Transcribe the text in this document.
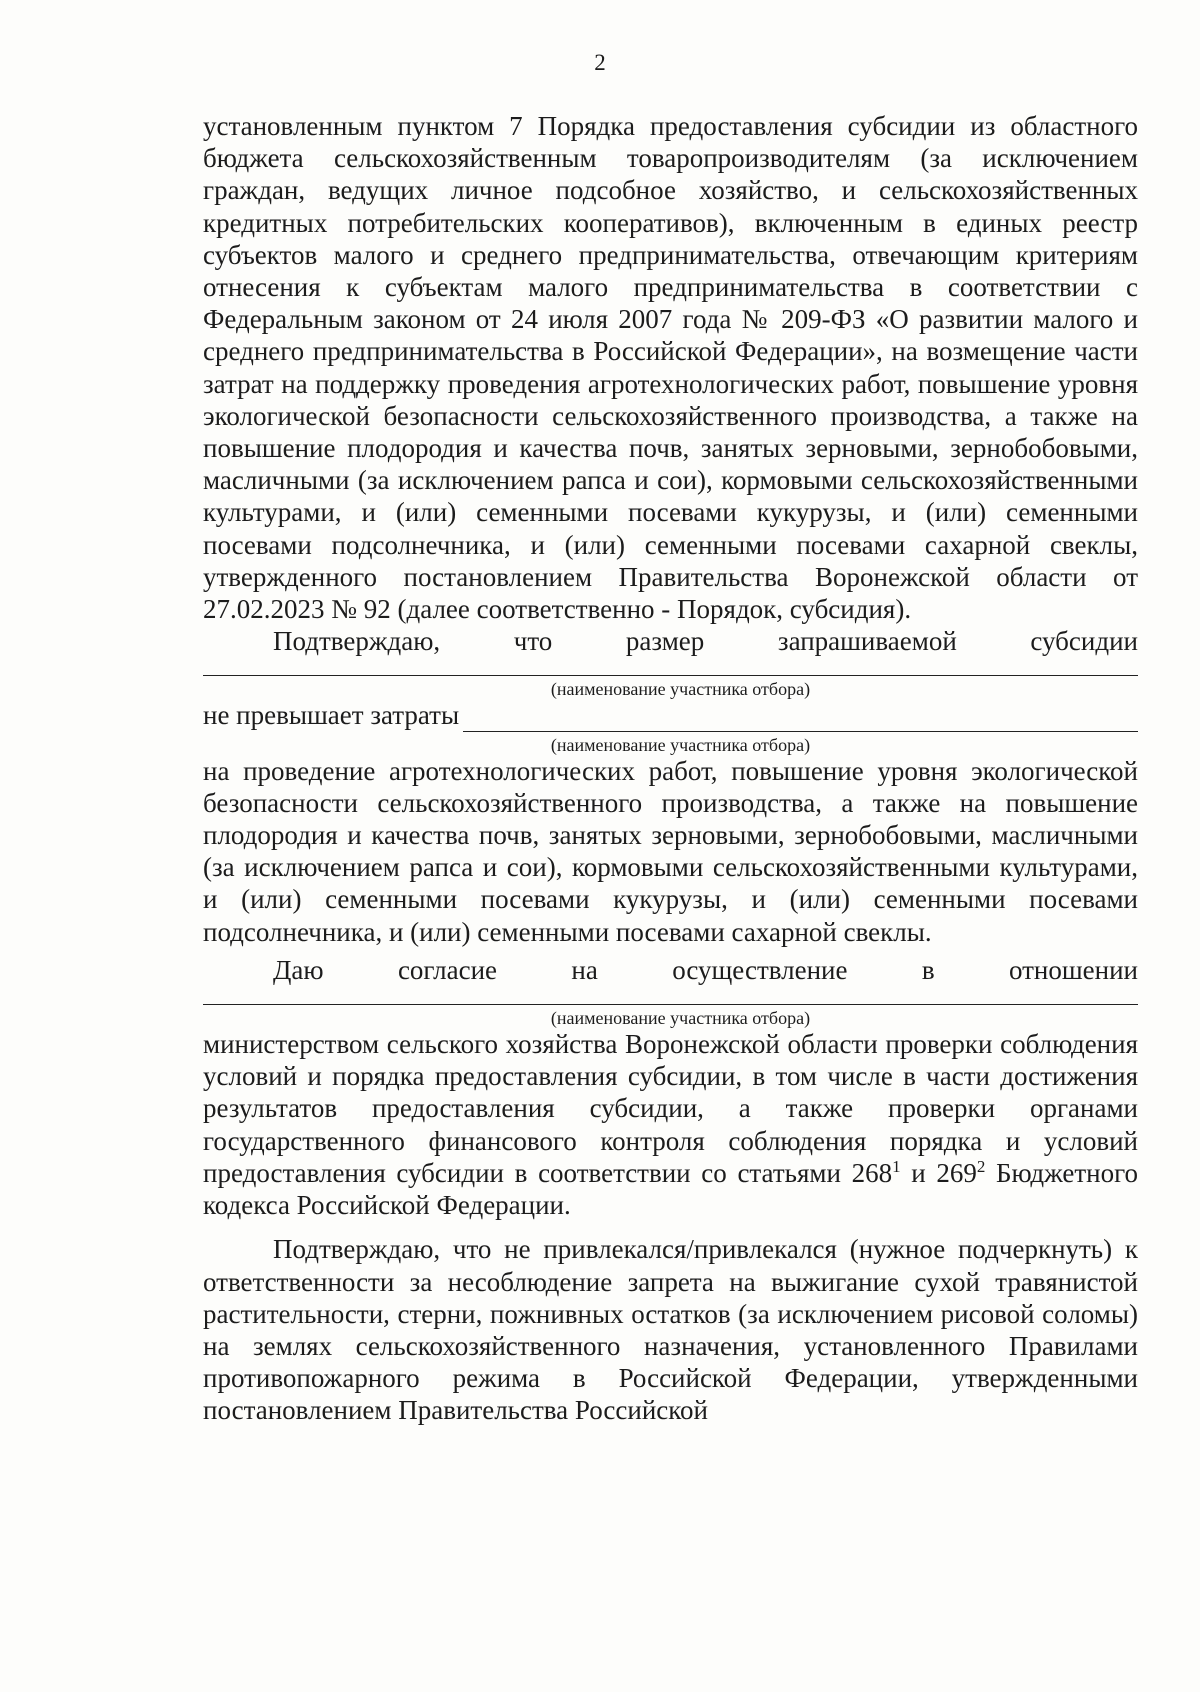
2

установленным пунктом 7 Порядка предоставления субсидии из областного бюджета сельскохозяйственным товаропроизводителям (за исключением граждан, ведущих личное подсобное хозяйство, и сельскохозяйственных кредитных потребительских кооперативов), включенным в единых реестр субъектов малого и среднего предпринимательства, отвечающим критериям отнесения к субъектам малого предпринимательства в соответствии с Федеральным законом от 24 июля 2007 года № 209-ФЗ «О развитии малого и среднего предпринимательства в Российской Федерации», на возмещение части затрат на поддержку проведения агротехнологических работ, повышение уровня экологической безопасности сельскохозяйственного производства, а также на повышение плодородия и качества почв, занятых зерновыми, зернобобовыми, масличными (за исключением рапса и сои), кормовыми сельскохозяйственными культурами, и (или) семенными посевами кукурузы, и (или) семенными посевами подсолнечника, и (или) семенными посевами сахарной свеклы, утвержденного постановлением Правительства Воронежской области от 27.02.2023 № 92 (далее соответственно - Порядок, субсидия).

Подтверждаю, что размер запрашиваемой субсидии

(наименование участника отбора)
не превышает затраты
(наименование участника отбора)

на проведение агротехнологических работ, повышение уровня экологической безопасности сельскохозяйственного производства, а также на повышение плодородия и качества почв, занятых зерновыми, зернобобовыми, масличными (за исключением рапса и сои), кормовыми сельскохозяйственными культурами, и (или) семенными посевами кукурузы, и (или) семенными посевами подсолнечника, и (или) семенными посевами сахарной свеклы.

Даю согласие на осуществление в отношении

(наименование участника отбора)

министерством сельского хозяйства Воронежской области проверки соблюдения условий и порядка предоставления субсидии, в том числе в части достижения результатов предоставления субсидии, а также проверки органами государственного финансового контроля соблюдения порядка и условий предоставления субсидии в соответствии со статьями $268^1$ и $269^2$ Бюджетного кодекса Российской Федерации.

Подтверждаю, что не привлекался/привлекался (нужное подчеркнуть) к ответственности за несоблюдение запрета на выжигание сухой травянистой растительности, стерни, пожнивных остатков (за исключением рисовой соломы) на землях сельскохозяйственного назначения, установленного Правилами противопожарного режима в Российской Федерации, утвержденными постановлением Правительства Российской
